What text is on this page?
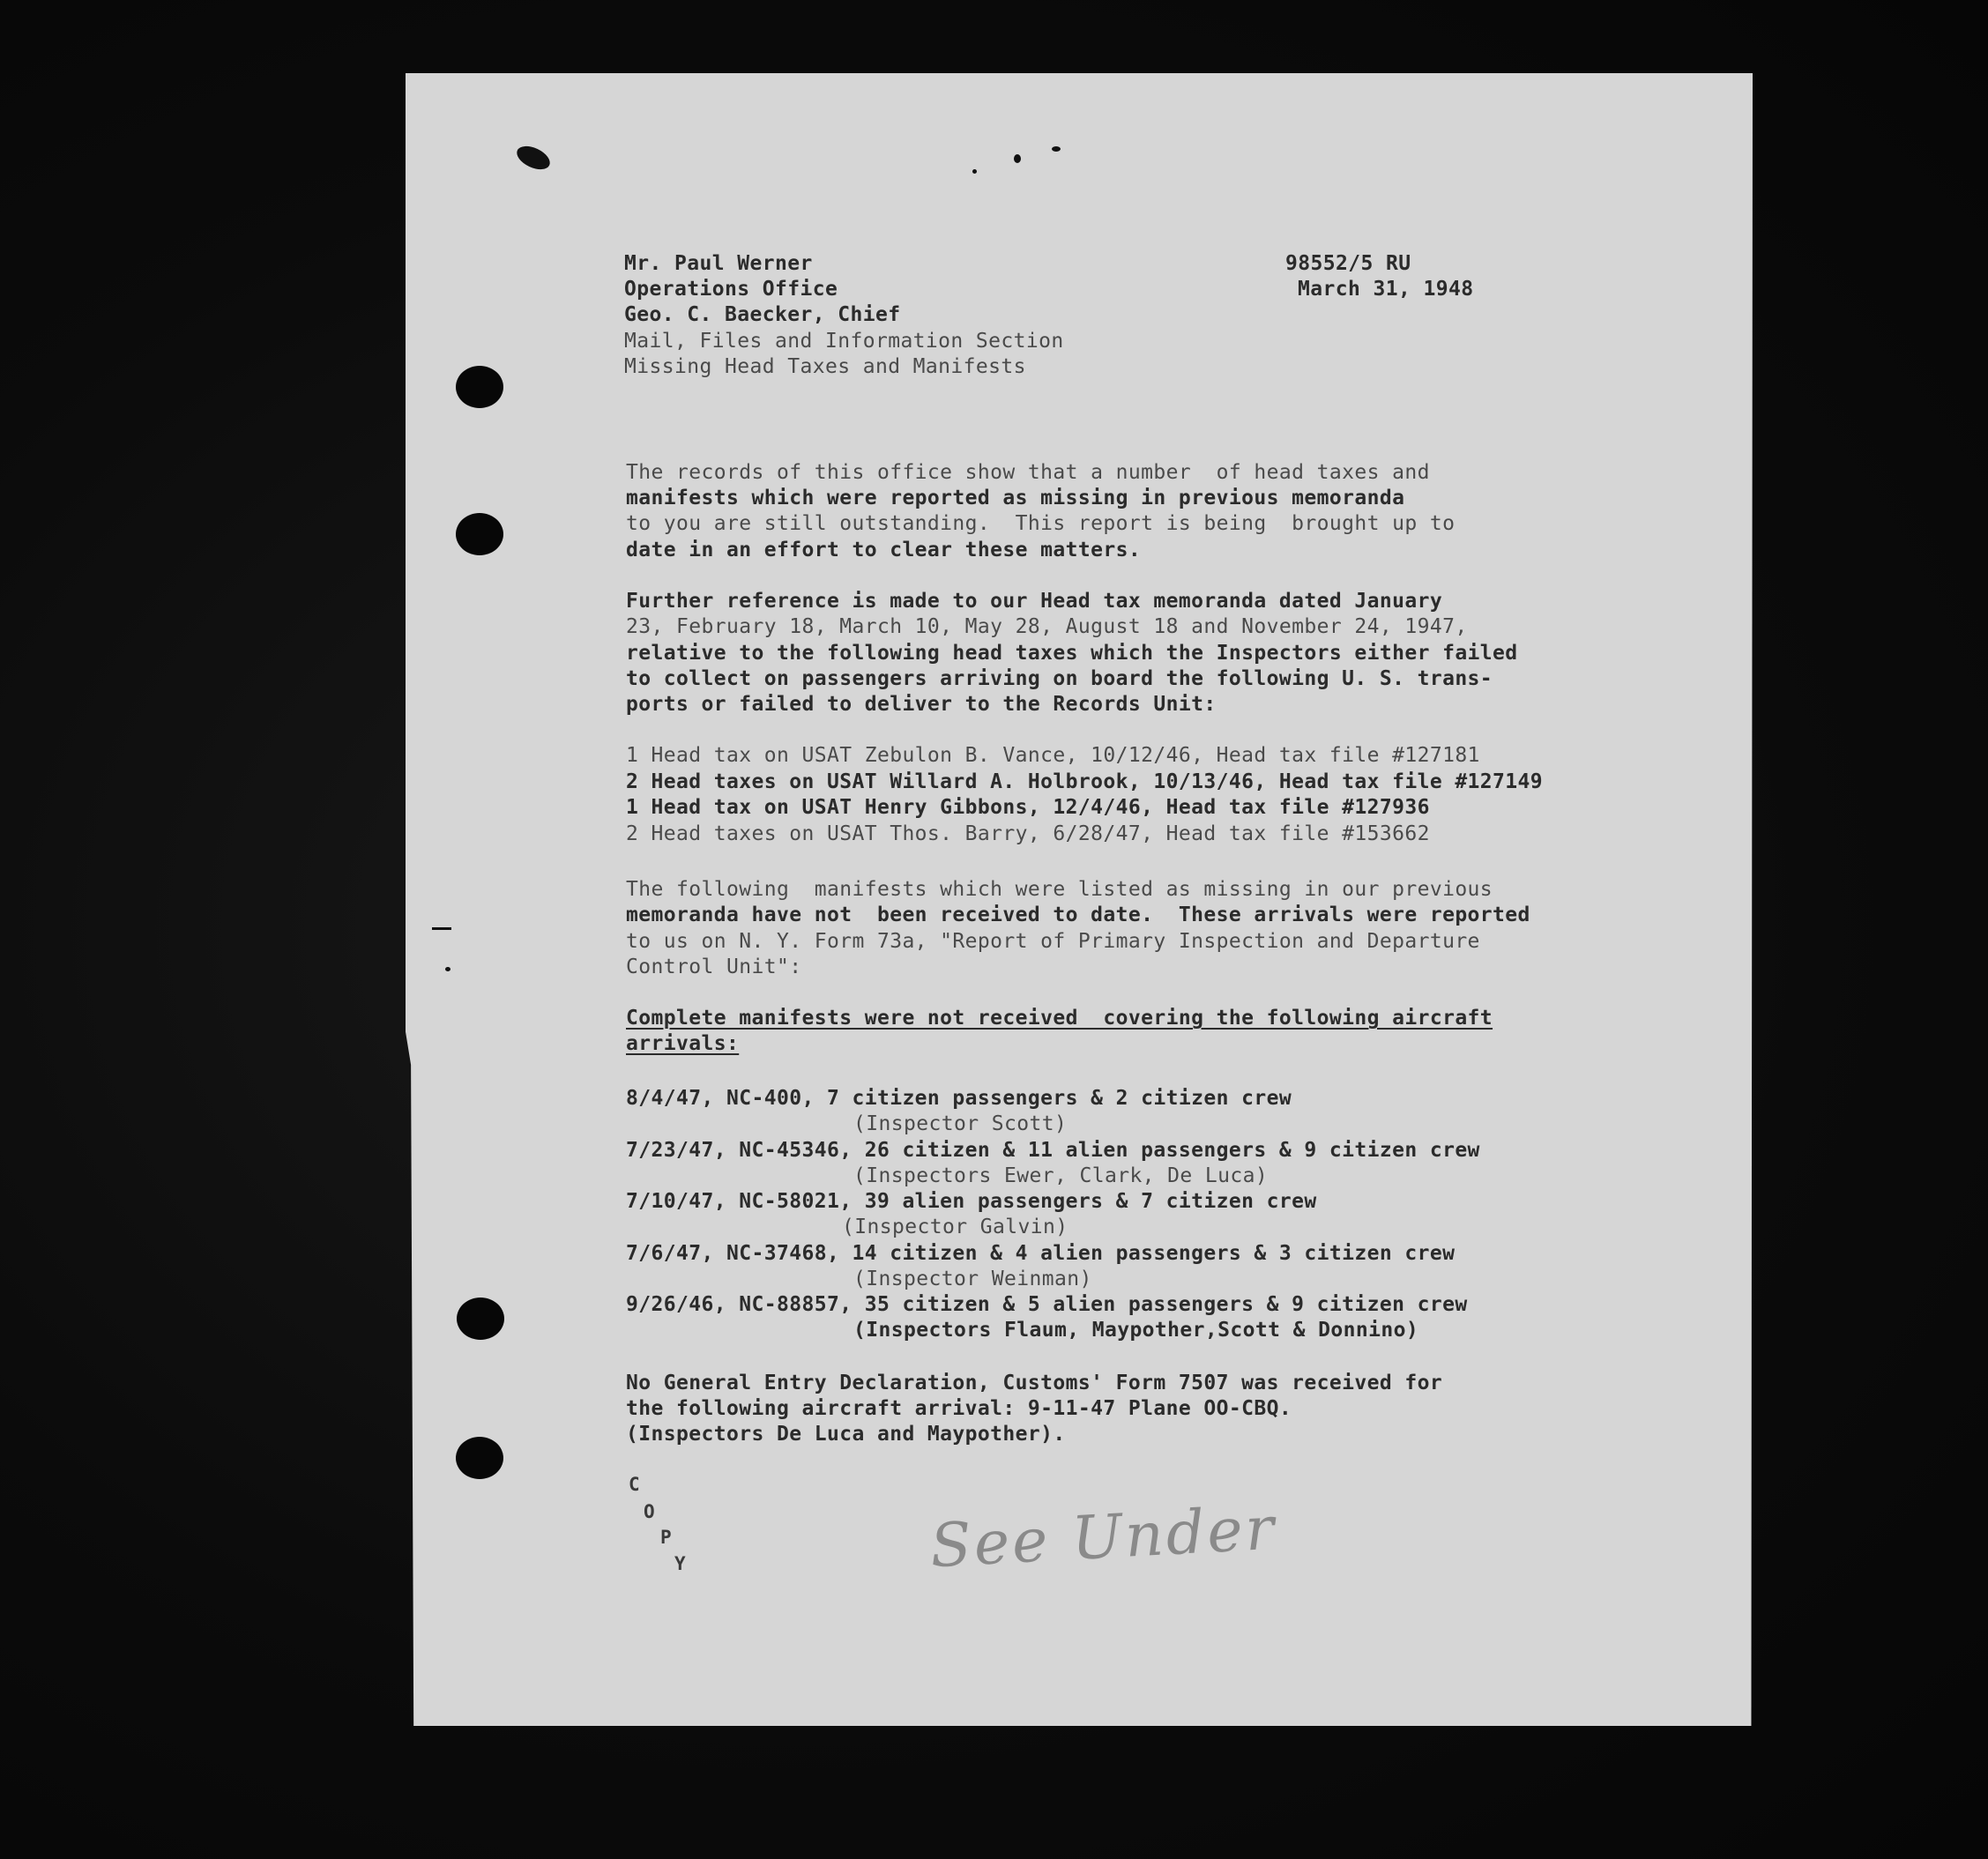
Mr. Paul Werner
Operations Office
Geo. C. Baecker, Chief
Mail, Files and Information Section
Missing Head Taxes and Manifests
98552/5 RU
March 31, 1948
The records of this office show that a number  of head taxes and
manifests which were reported as missing in previous memoranda
to you are still outstanding.  This report is being  brought up to
date in an effort to clear these matters.
Further reference is made to our Head tax memoranda dated January
23, February 18, March 10, May 28, August 18 and November 24, 1947,
relative to the following head taxes which the Inspectors either failed
to collect on passengers arriving on board the following U. S. trans-
ports or failed to deliver to the Records Unit:
1 Head tax on USAT Zebulon B. Vance, 10/12/46, Head tax file #127181
2 Head taxes on USAT Willard A. Holbrook, 10/13/46, Head tax file #127149
1 Head tax on USAT Henry Gibbons, 12/4/46, Head tax file #127936
2 Head taxes on USAT Thos. Barry, 6/28/47, Head tax file #153662
The following  manifests which were listed as missing in our previous
memoranda have not  been received to date.  These arrivals were reported
to us on N. Y. Form 73a, "Report of Primary Inspection and Departure
Control Unit":
Complete manifests were not received  covering the following aircraft
arrivals:
8/4/47, NC-400, 7 citizen passengers & 2 citizen crew
(Inspector Scott)
7/23/47, NC-45346, 26 citizen & 11 alien passengers & 9 citizen crew
(Inspectors Ewer, Clark, De Luca)
7/10/47, NC-58021, 39 alien passengers & 7 citizen crew
(Inspector Galvin)
7/6/47, NC-37468, 14 citizen & 4 alien passengers & 3 citizen crew
(Inspector Weinman)
9/26/46, NC-88857, 35 citizen & 5 alien passengers & 9 citizen crew
(Inspectors Flaum, Maypother,Scott & Donnino)
No General Entry Declaration, Customs' Form 7507 was received for
the following aircraft arrival: 9-11-47 Plane OO-CBQ.
(Inspectors De Luca and Maypother).
C
O
P
Y	See Under
